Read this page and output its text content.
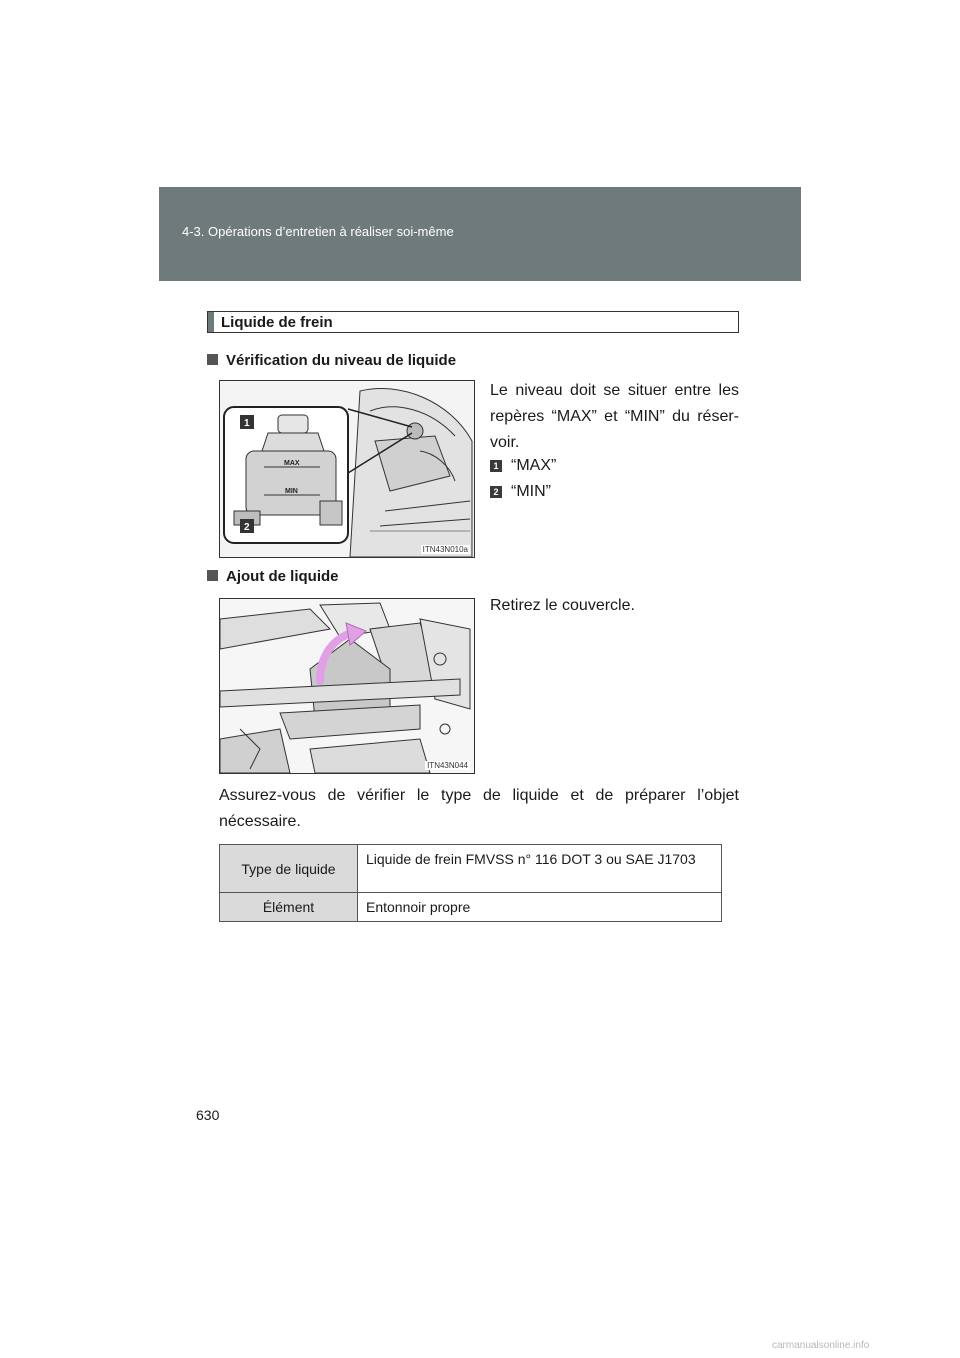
4-3. Opérations d’entretien à réaliser soi-même
Liquide de frein
Vérification du niveau de liquide
MAX
MIN
1
2
ITN43N010a
Le niveau doit se situer entre les repères “MAX” et “MIN” du réservoir.
1 “MAX”
2 “MIN”
Ajout de liquide
ITN43N044
Retirez le couvercle.
Assurez-vous de vérifier le type de liquide et de préparer l’objet nécessaire.
Type de liquide	Liquide de frein FMVSS n° 116 DOT 3 ou SAE J1703
Élément	Entonnoir propre
630
carmanualsonline.info
